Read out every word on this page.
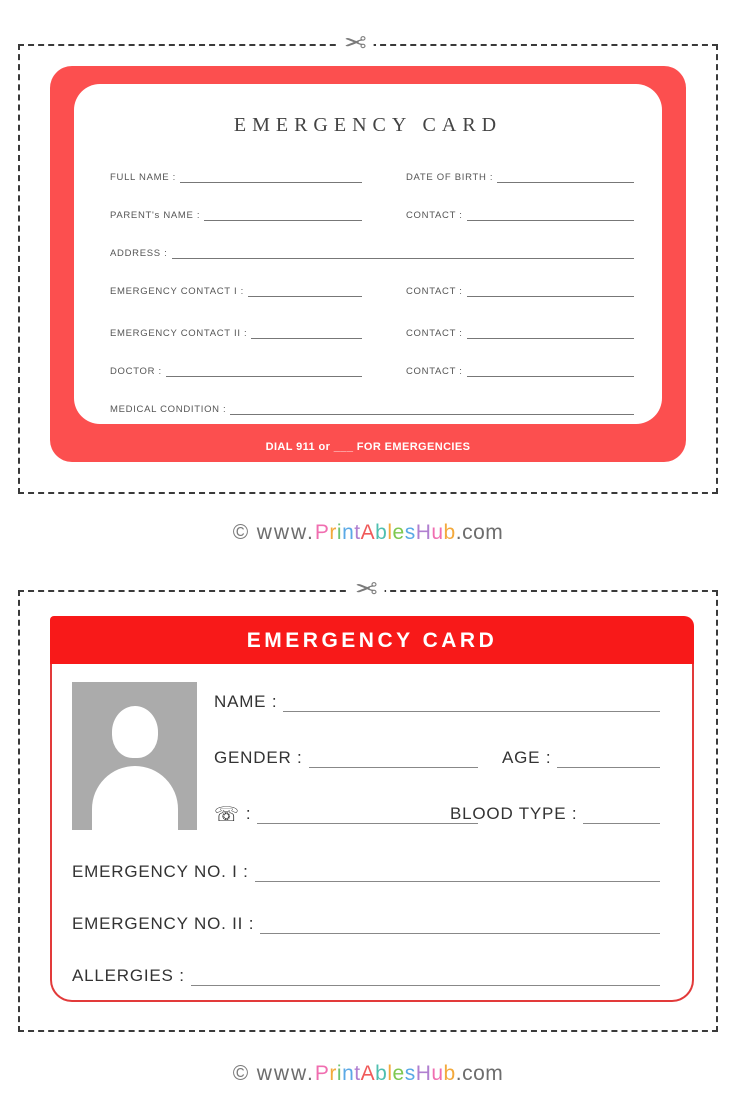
✂
EMERGENCY CARD
FULL NAME :	DATE OF BIRTH :
PARENT's NAME :	CONTACT :
ADDRESS :
EMERGENCY CONTACT I :	CONTACT :
EMERGENCY CONTACT II :	CONTACT :
DOCTOR :	CONTACT :
MEDICAL CONDITION :
DIAL 911 or ___ FOR EMERGENCIES
© www.PrintAblesHub.com
✂
EMERGENCY CARD
NAME :
GENDER :	AGE :
☏ :	BLOOD TYPE :
EMERGENCY NO. I :
EMERGENCY NO. II :
ALLERGIES :
© www.PrintAblesHub.com
